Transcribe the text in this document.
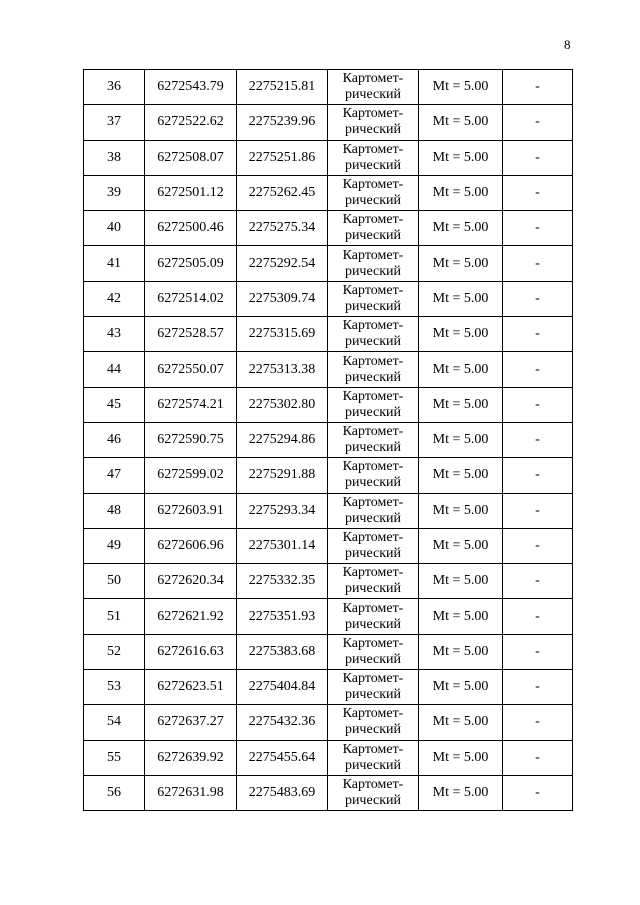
8
36	6272543.79	2275215.81	Картомет-
рический	Mt = 5.00	-
37	6272522.62	2275239.96	Картомет-
рический	Mt = 5.00	-
38	6272508.07	2275251.86	Картомет-
рический	Mt = 5.00	-
39	6272501.12	2275262.45	Картомет-
рический	Mt = 5.00	-
40	6272500.46	2275275.34	Картомет-
рический	Mt = 5.00	-
41	6272505.09	2275292.54	Картомет-
рический	Mt = 5.00	-
42	6272514.02	2275309.74	Картомет-
рический	Mt = 5.00	-
43	6272528.57	2275315.69	Картомет-
рический	Mt = 5.00	-
44	6272550.07	2275313.38	Картомет-
рический	Mt = 5.00	-
45	6272574.21	2275302.80	Картомет-
рический	Mt = 5.00	-
46	6272590.75	2275294.86	Картомет-
рический	Mt = 5.00	-
47	6272599.02	2275291.88	Картомет-
рический	Mt = 5.00	-
48	6272603.91	2275293.34	Картомет-
рический	Mt = 5.00	-
49	6272606.96	2275301.14	Картомет-
рический	Mt = 5.00	-
50	6272620.34	2275332.35	Картомет-
рический	Mt = 5.00	-
51	6272621.92	2275351.93	Картомет-
рический	Mt = 5.00	-
52	6272616.63	2275383.68	Картомет-
рический	Mt = 5.00	-
53	6272623.51	2275404.84	Картомет-
рический	Mt = 5.00	-
54	6272637.27	2275432.36	Картомет-
рический	Mt = 5.00	-
55	6272639.92	2275455.64	Картомет-
рический	Mt = 5.00	-
56	6272631.98	2275483.69	Картомет-
рический	Mt = 5.00	-
